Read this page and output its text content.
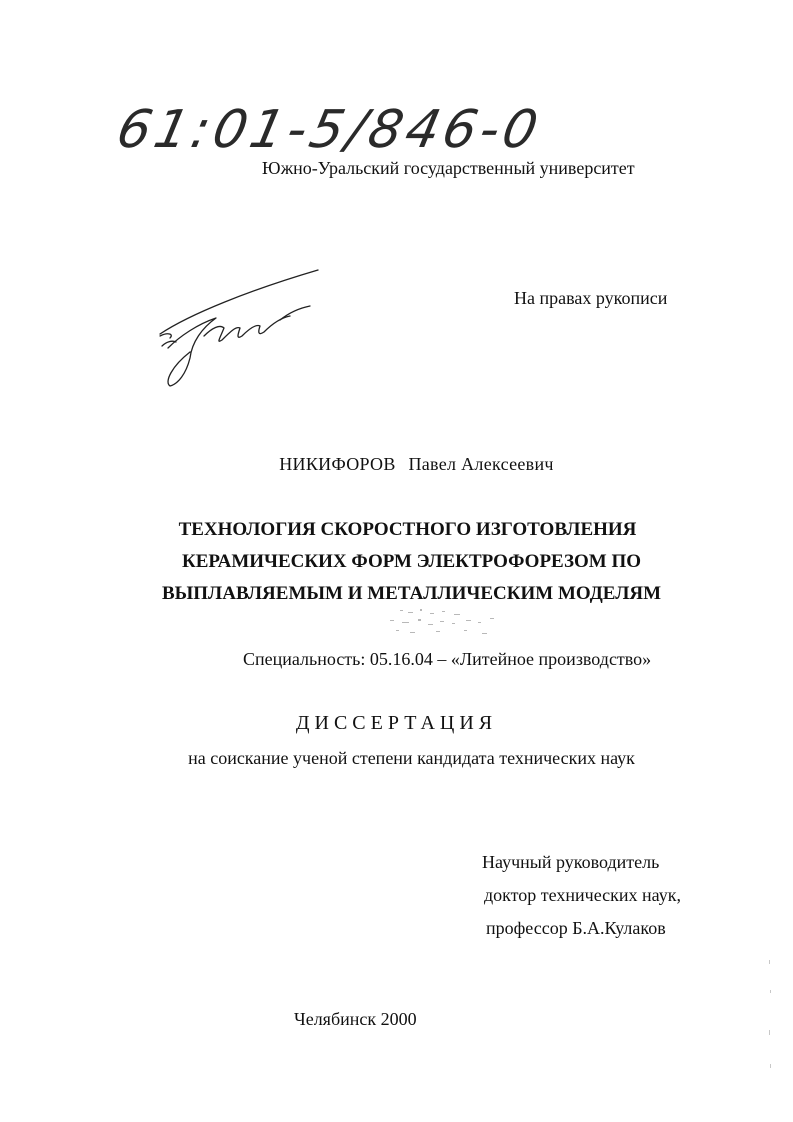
61:01-5/846-0
Южно-Уральский государственный университет
На правах рукописи
НИКИФОРОВ Павел Алексеевич
ТЕХНОЛОГИЯ СКОРОСТНОГО ИЗГОТОВЛЕНИЯ
КЕРАМИЧЕСКИХ ФОРМ ЭЛЕКТРОФОРЕЗОМ ПО
ВЫПЛАВЛЯЕМЫМ И МЕТАЛЛИЧЕСКИМ МОДЕЛЯМ
Специальность: 05.16.04 – «Литейное производство»
ДИССЕРТАЦИЯ
на соискание ученой степени кандидата технических наук
Научный руководитель
доктор технических наук,
профессор Б.А.Кулаков
Челябинск 2000
